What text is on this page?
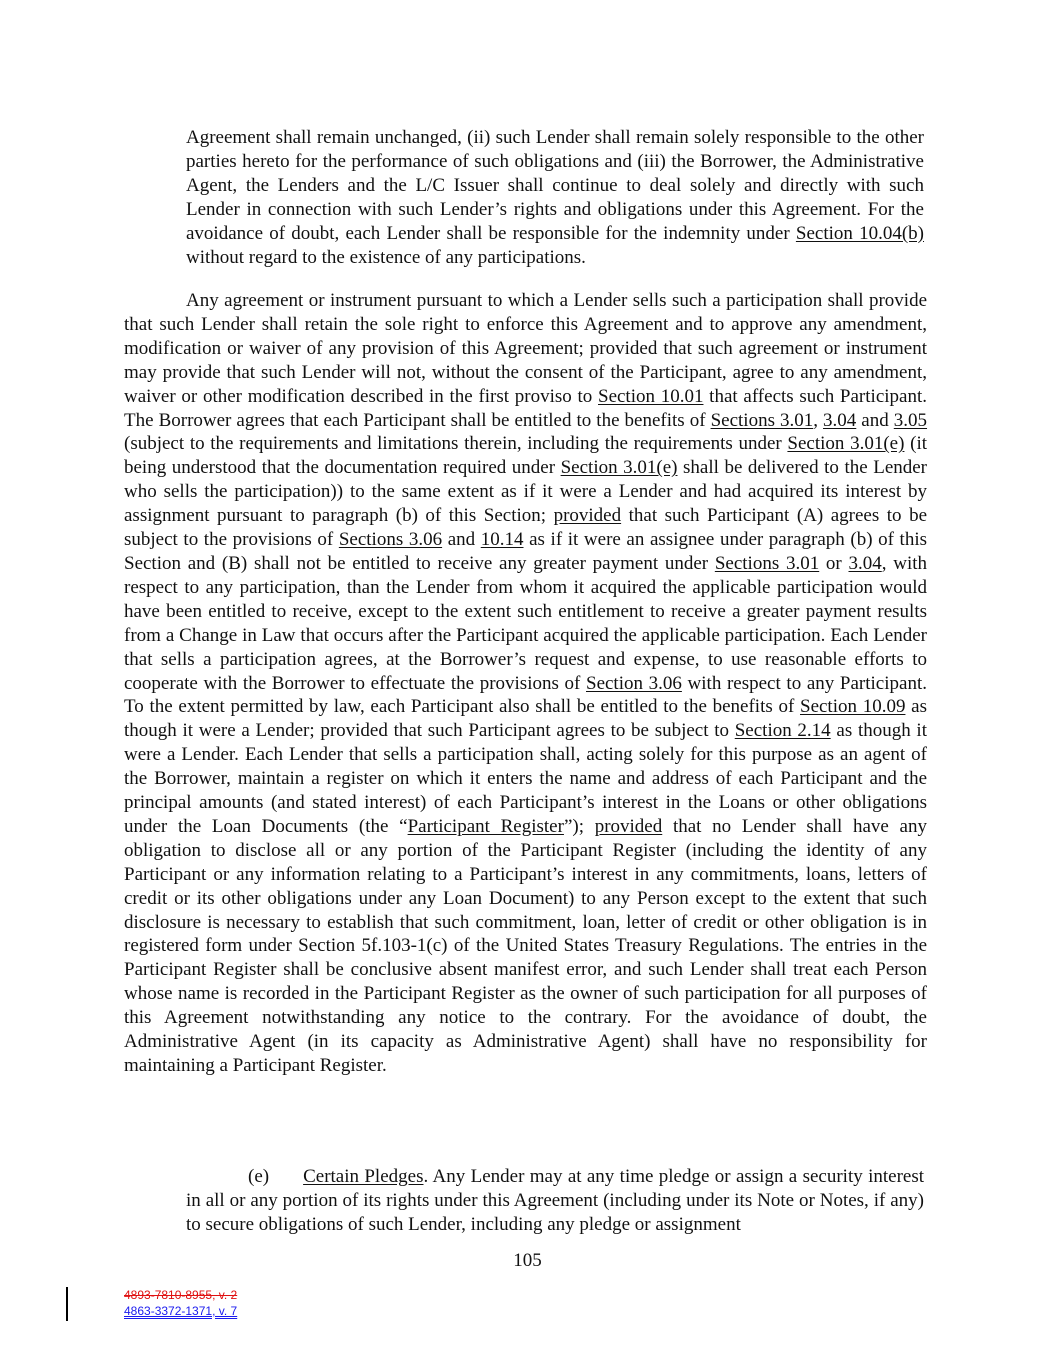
Agreement shall remain unchanged, (ii) such Lender shall remain solely responsible to the other parties hereto for the performance of such obligations and (iii) the Borrower, the Administrative Agent, the Lenders and the L/C Issuer shall continue to deal solely and directly with such Lender in connection with such Lender’s rights and obligations under this Agreement. For the avoidance of doubt, each Lender shall be responsible for the indemnity under Section 10.04(b) without regard to the existence of any participations.

Any agreement or instrument pursuant to which a Lender sells such a participation shall provide that such Lender shall retain the sole right to enforce this Agreement and to approve any amendment, modification or waiver of any provision of this Agreement; provided that such agreement or instrument may provide that such Lender will not, without the consent of the Participant, agree to any amendment, waiver or other modification described in the first proviso to Section 10.01 that affects such Participant. The Borrower agrees that each Participant shall be entitled to the benefits of Sections 3.01, 3.04 and 3.05 (subject to the requirements and limitations therein, including the requirements under Section 3.01(e) (it being understood that the documentation required under Section 3.01(e) shall be delivered to the Lender who sells the participation)) to the same extent as if it were a Lender and had acquired its interest by assignment pursuant to paragraph (b) of this Section; provided that such Participant (A) agrees to be subject to the provisions of Sections 3.06 and 10.14 as if it were an assignee under paragraph (b) of this Section and (B) shall not be entitled to receive any greater payment under Sections 3.01 or 3.04, with respect to any participation, than the Lender from whom it acquired the applicable participation would have been entitled to receive, except to the extent such entitlement to receive a greater payment results from a Change in Law that occurs after the Participant acquired the applicable participation. Each Lender that sells a participation agrees, at the Borrower’s request and expense, to use reasonable efforts to cooperate with the Borrower to effectuate the provisions of Section 3.06 with respect to any Participant. To the extent permitted by law, each Participant also shall be entitled to the benefits of Section 10.09 as though it were a Lender; provided that such Participant agrees to be subject to Section 2.14 as though it were a Lender. Each Lender that sells a participation shall, acting solely for this purpose as an agent of the Borrower, maintain a register on which it enters the name and address of each Participant and the principal amounts (and stated interest) of each Participant’s interest in the Loans or other obligations under the Loan Documents (the “Participant Register”); provided that no Lender shall have any obligation to disclose all or any portion of the Participant Register (including the identity of any Participant or any information relating to a Participant’s interest in any commitments, loans, letters of credit or its other obligations under any Loan Document) to any Person except to the extent that such disclosure is necessary to establish that such commitment, loan, letter of credit or other obligation is in registered form under Section 5f.103-1(c) of the United States Treasury Regulations. The entries in the Participant Register shall be conclusive absent manifest error, and such Lender shall treat each Person whose name is recorded in the Participant Register as the owner of such participation for all purposes of this Agreement notwithstanding any notice to the contrary. For the avoidance of doubt, the Administrative Agent (in its capacity as Administrative Agent) shall have no responsibility for maintaining a Participant Register.

(e) Certain Pledges. Any Lender may at any time pledge or assign a security interest in all or any portion of its rights under this Agreement (including under its Note or Notes, if any) to secure obligations of such Lender, including any pledge or assignment

105
4893-7810-8955, v. 2
4863-3372-1371, v. 7
